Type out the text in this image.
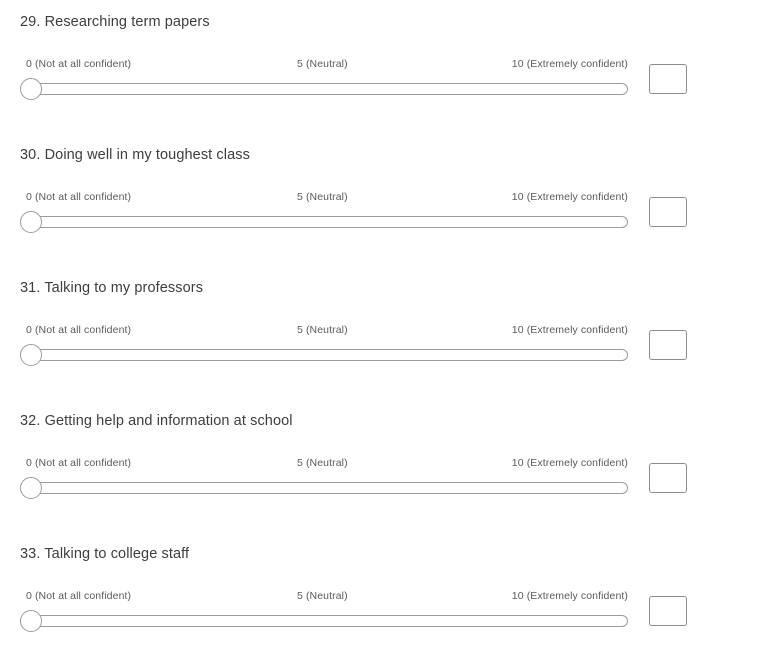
29. Researching term papers
0 (Not at all confident)	5 (Neutral)	10 (Extremely confident)
30. Doing well in my toughest class
0 (Not at all confident)	5 (Neutral)	10 (Extremely confident)
31. Talking to my professors
0 (Not at all confident)	5 (Neutral)	10 (Extremely confident)
32. Getting help and information at school
0 (Not at all confident)	5 (Neutral)	10 (Extremely confident)
33. Talking to college staff
0 (Not at all confident)	5 (Neutral)	10 (Extremely confident)
